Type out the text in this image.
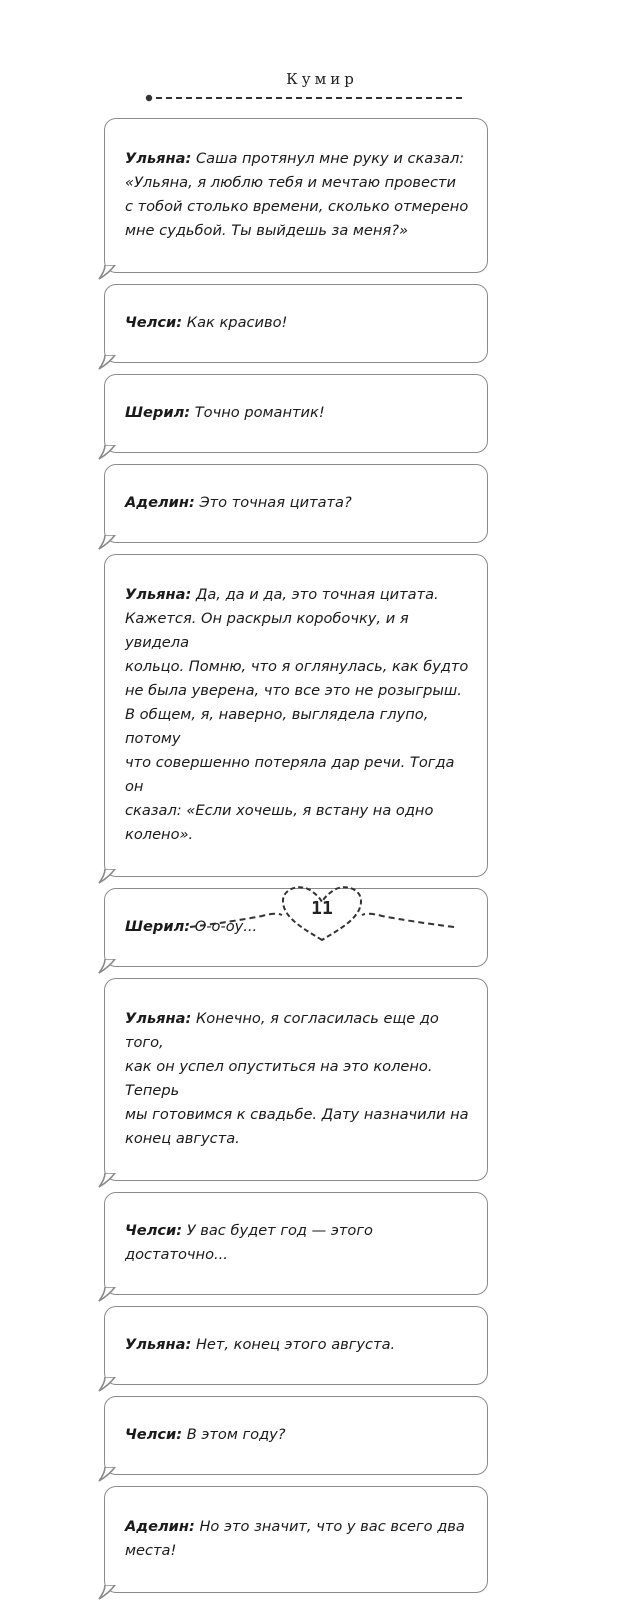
Кумир

Ульяна: Саша протянул мне руку и сказал:
«Ульяна, я люблю тебя и мечтаю провести
с тобой столько времени, сколько отмерено
мне судьбой. Ты выйдешь за меня?»

Челси: Как красиво!

Шерил: Точно романтик!

Аделин: Это точная цитата?

Ульяна: Да, да и да, это точная цитата.
Кажется. Он раскрыл коробочку, и я увидела
кольцо. Помню, что я оглянулась, как будто
не была уверена, что все это не розыгрыш.
В общем, я, наверно, выглядела глупо, потому
что совершенно потеряла дар речи. Тогда он
сказал: «Если хочешь, я встану на одно колено».

Шерил: О-о-оу...

Ульяна: Конечно, я согласилась еще до того,
как он успел опуститься на это колено. Теперь
мы готовимся к свадьбе. Дату назначили на
конец августа.

Челси: У вас будет год — этого достаточно...

Ульяна: Нет, конец этого августа.

Челси: В этом году?

Аделин: Но это значит, что у вас всего два
места!

11
